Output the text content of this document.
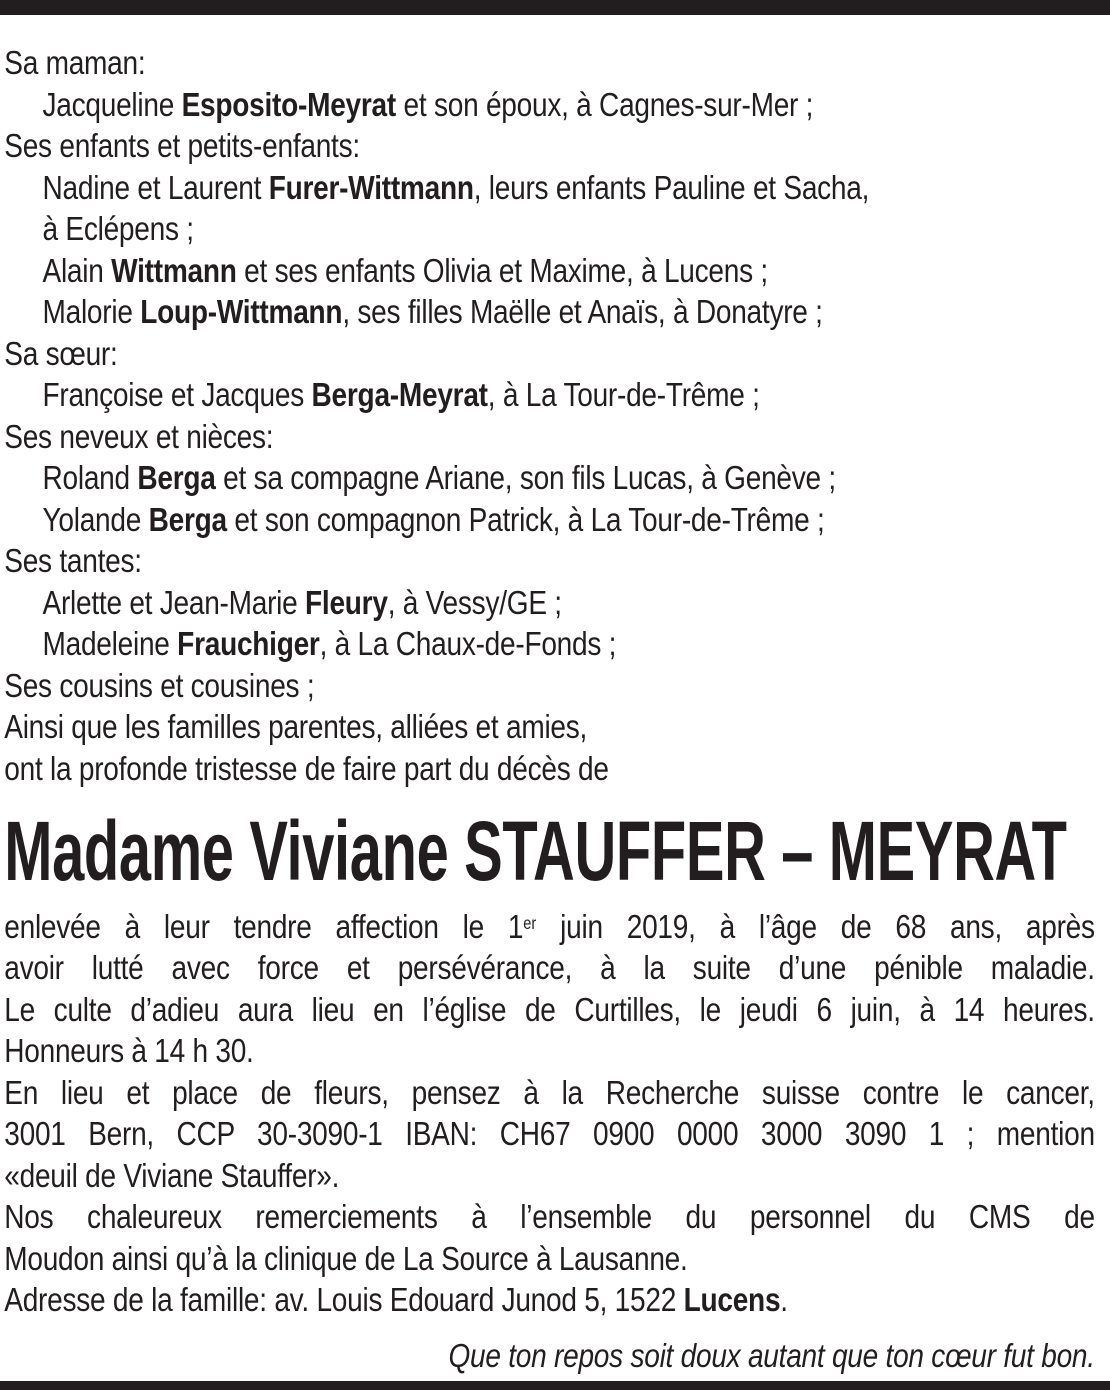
Sa maman:
Jacqueline Esposito-Meyrat et son époux, à Cagnes-sur-Mer ;
Ses enfants et petits-enfants:
Nadine et Laurent Furer-Wittmann, leurs enfants Pauline et Sacha,
à Eclépens ;
Alain Wittmann et ses enfants Olivia et Maxime, à Lucens ;
Malorie Loup-Wittmann, ses filles Maëlle et Anaïs, à Donatyre ;
Sa sœur:
Françoise et Jacques Berga-Meyrat, à La Tour-de-Trême ;
Ses neveux et nièces:
Roland Berga et sa compagne Ariane, son fils Lucas, à Genève ;
Yolande Berga et son compagnon Patrick, à La Tour-de-Trême ;
Ses tantes:
Arlette et Jean-Marie Fleury, à Vessy/GE ;
Madeleine Frauchiger, à La Chaux-de-Fonds ;
Ses cousins et cousines ;
Ainsi que les familles parentes, alliées et amies,
ont la profonde tristesse de faire part du décès de
Madame Viviane STAUFFER – MEYRAT
enlevée à leur tendre affection le 1er juin 2019, à l’âge de 68 ans, après
avoir lutté avec force et persévérance, à la suite d’une pénible maladie.
Le culte d’adieu aura lieu en l’église de Curtilles, le jeudi 6 juin, à 14 heures.
Honneurs à 14 h 30.
En lieu et place de fleurs, pensez à la Recherche suisse contre le cancer,
3001 Bern, CCP 30-3090-1 IBAN: CH67 0900 0000 3000 3090 1 ; mention
«deuil de Viviane Stauffer».
Nos chaleureux remerciements à l’ensemble du personnel du CMS de
Moudon ainsi qu’à la clinique de La Source à Lausanne.
Adresse de la famille: av. Louis Edouard Junod 5, 1522 Lucens.
Que ton repos soit doux autant que ton cœur fut bon.
